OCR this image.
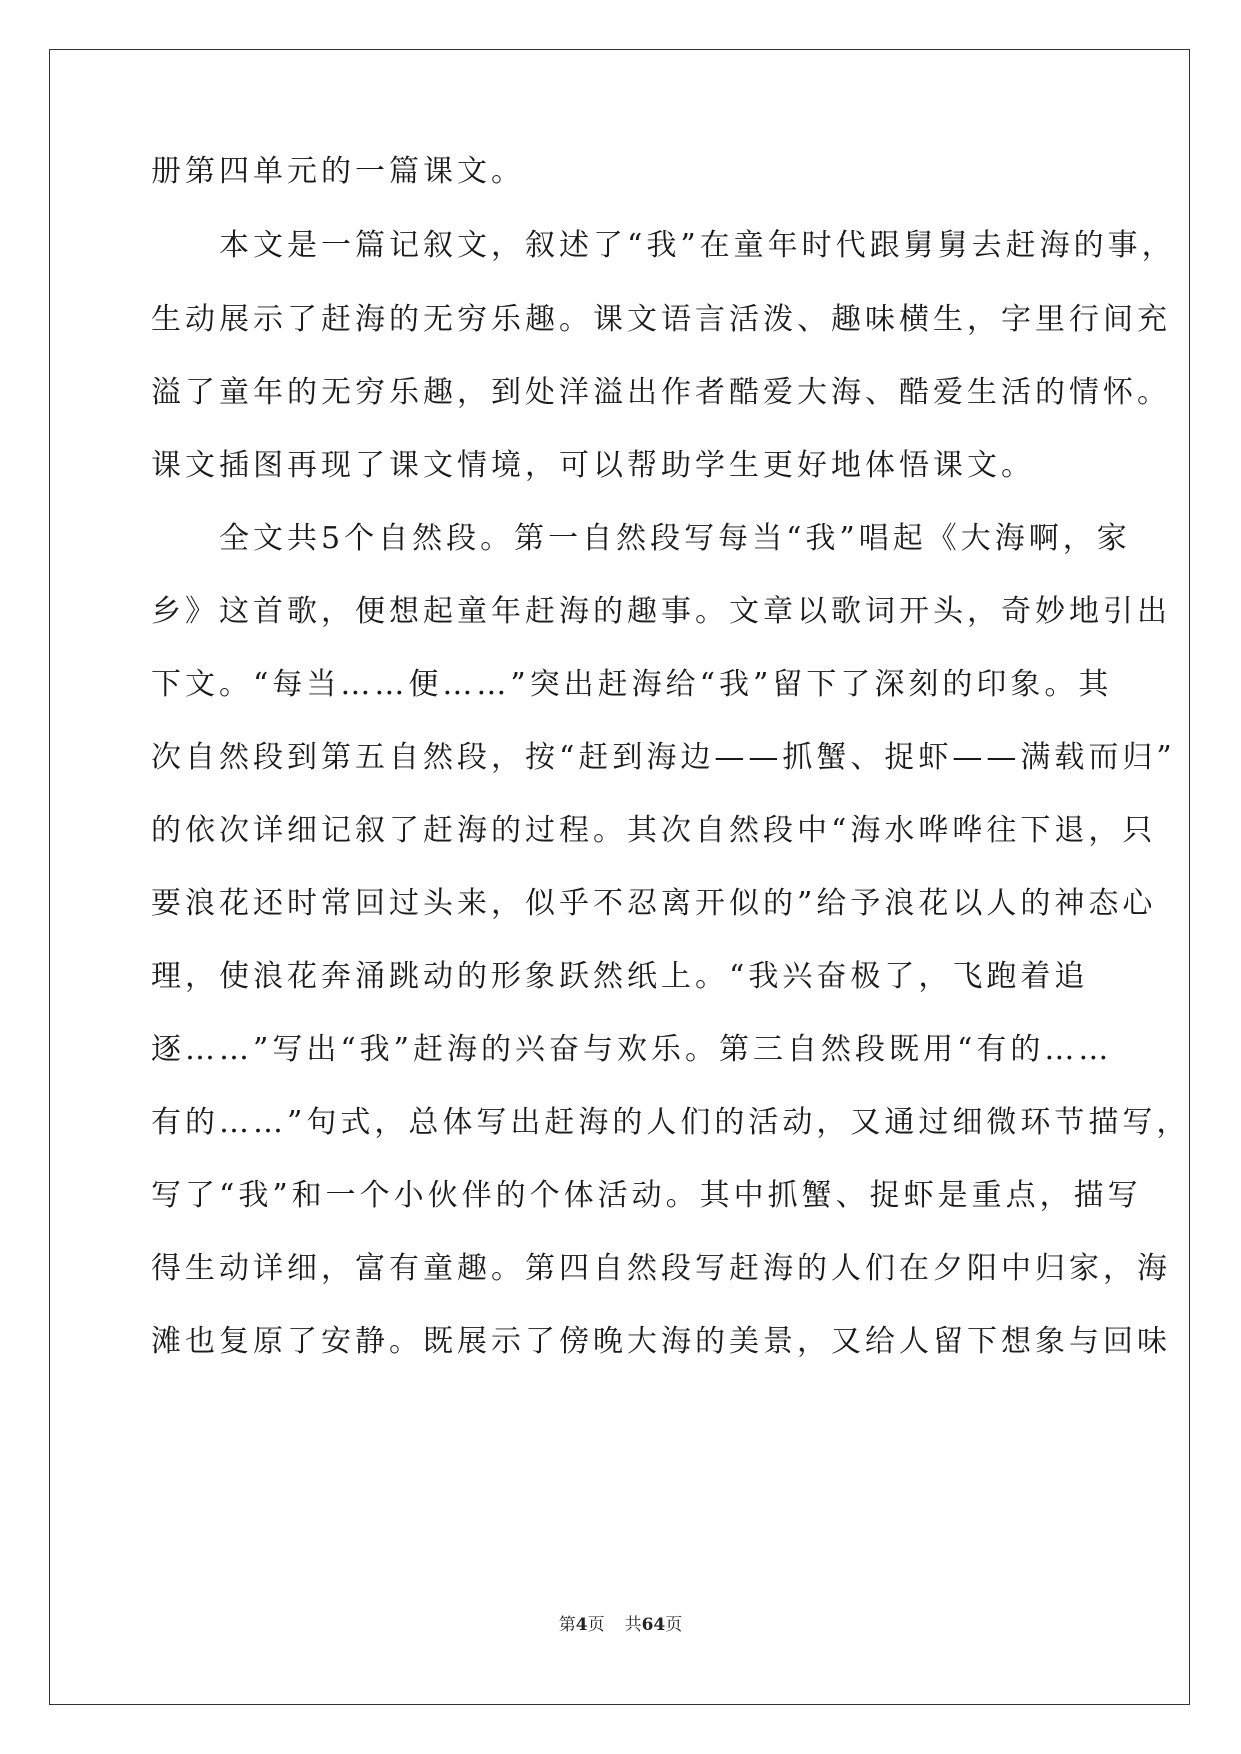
册第四单元的一篇课文。
　　本文是一篇记叙文，叙述了“我”在童年时代跟舅舅去赶海的事，
生动展示了赶海的无穷乐趣。课文语言活泼、趣味横生，字里行间充
溢了童年的无穷乐趣，到处洋溢出作者酷爱大海、酷爱生活的情怀。
课文插图再现了课文情境，可以帮助学生更好地体悟课文。
　　全文共5个自然段。第一自然段写每当“我”唱起《大海啊，家
乡》这首歌，便想起童年赶海的趣事。文章以歌词开头，奇妙地引出
下文。“每当……便……”突出赶海给“我”留下了深刻的印象。其
次自然段到第五自然段，按“赶到海边——抓蟹、捉虾——满载而归”
的依次详细记叙了赶海的过程。其次自然段中“海水哗哗往下退，只
要浪花还时常回过头来，似乎不忍离开似的”给予浪花以人的神态心
理，使浪花奔涌跳动的形象跃然纸上。“我兴奋极了，飞跑着追
逐……”写出“我”赶海的兴奋与欢乐。第三自然段既用“有的……
有的……”句式，总体写出赶海的人们的活动，又通过细微环节描写，
写了“我”和一个小伙伴的个体活动。其中抓蟹、捉虾是重点，描写
得生动详细，富有童趣。第四自然段写赶海的人们在夕阳中归家，海
滩也复原了安静。既展示了傍晚大海的美景，又给人留下想象与回味
第4页 共64页
